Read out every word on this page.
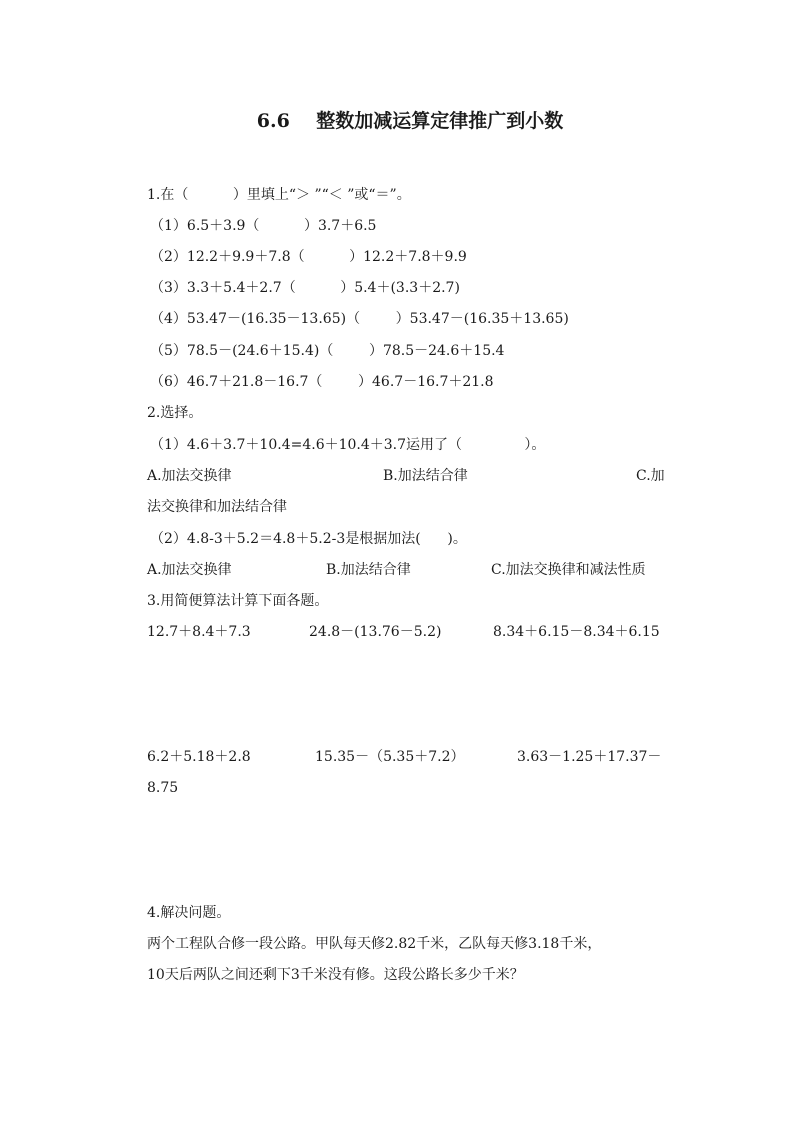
6.6    整数加减运算定律推广到小数
1.在（          ）里填上“＞ ”“＜ ”或“＝”。
（1）6.5＋3.9（          ）3.7＋6.5
（2）12.2＋9.9＋7.8（          ）12.2＋7.8＋9.9
（3）3.3＋5.4＋2.7（          ）5.4＋(3.3＋2.7)
（4）53.47－(16.35－13.65)（        ）53.47－(16.35＋13.65)
（5）78.5－(24.6＋15.4)（        ）78.5－24.6＋15.4
（6）46.7＋21.8－16.7（        ）46.7－16.7＋21.8
2.选择。
（1）4.6＋3.7＋10.4=4.6＋10.4＋3.7运用了（              ）。
A.加法交换律	B.加法结合律	C.加
法交换律和加法结合律
（2）4.8-3＋5.2＝4.8＋5.2-3是根据加法(      )。
A.加法交换律	B.加法结合律	C.加法交换律和减法性质
3.用简便算法计算下面各题。
12.7＋8.4＋7.3	24.8－(13.76－5.2)	8.34＋6.15－8.34＋6.15
6.2＋5.18＋2.8	15.35－（5.35＋7.2）	3.63－1.25＋17.37－
8.75
4.解决问题。
两个工程队合修一段公路。甲队每天修2.82千米，乙队每天修3.18千米，
10天后两队之间还剩下3千米没有修。这段公路长多少千米？
